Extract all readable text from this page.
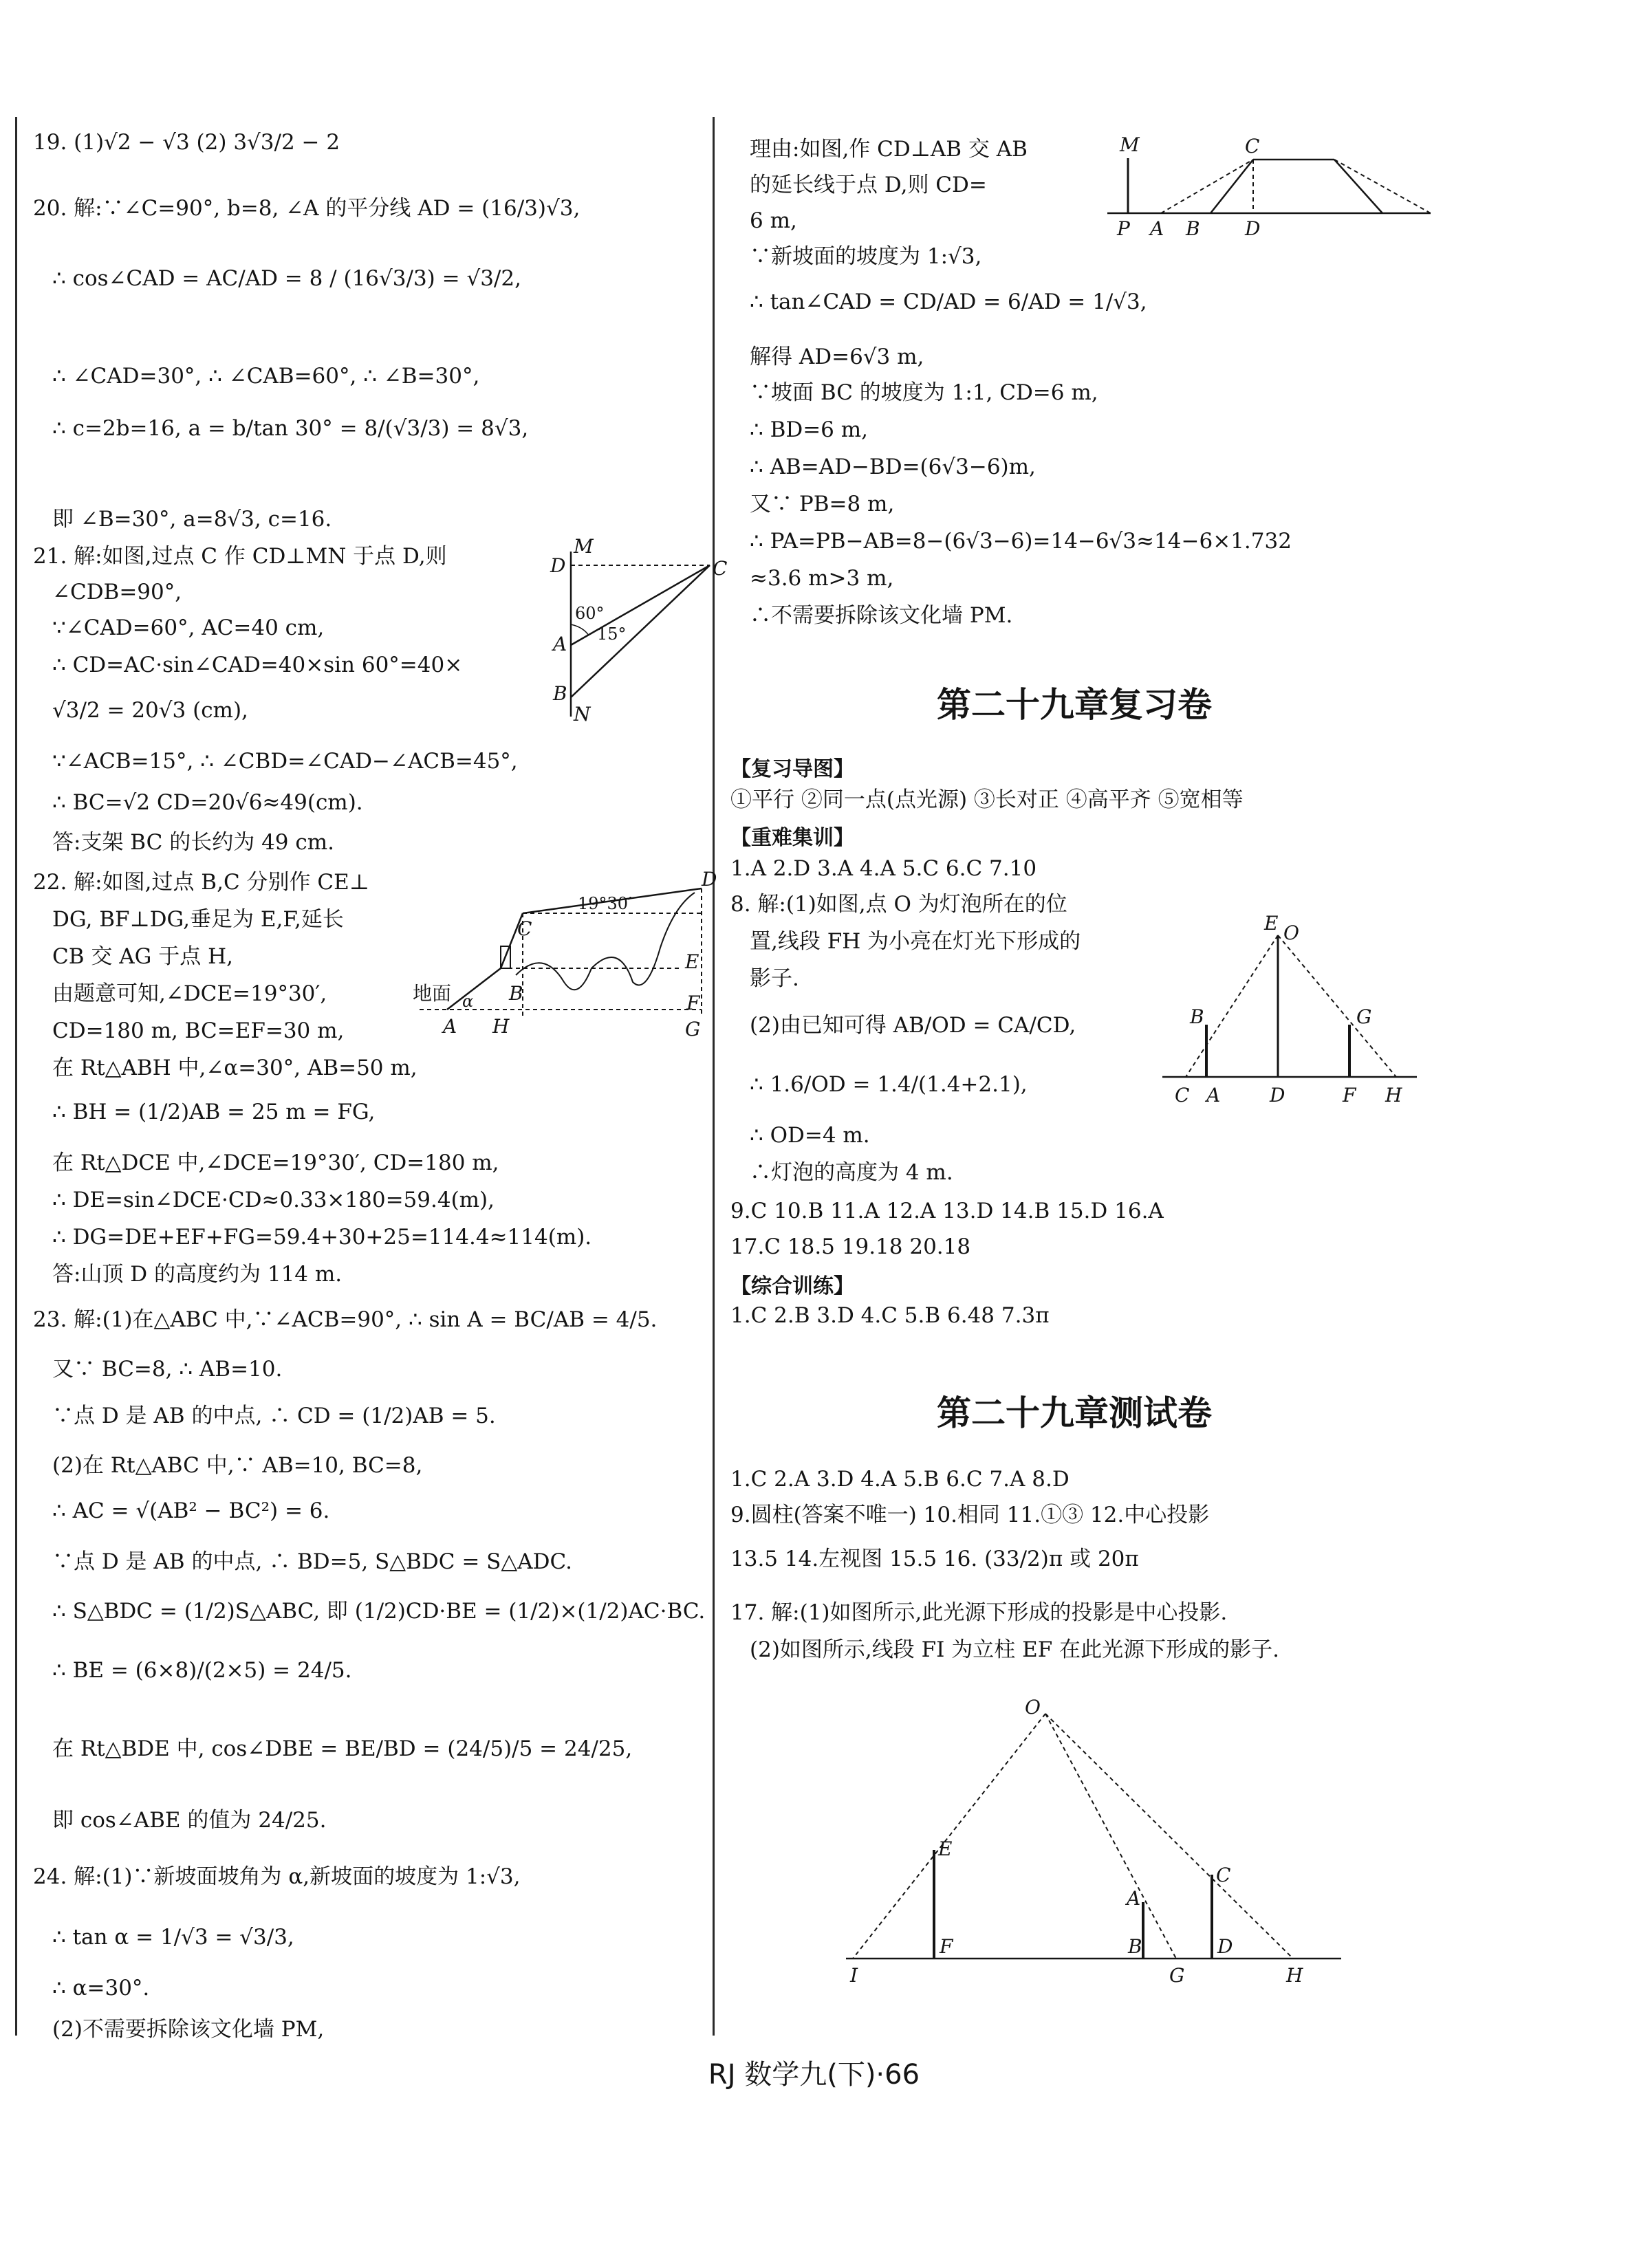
19. (1)√2 − √3 (2) 3√3/2 − 2
20. 解:∵∠C=90°, b=8, ∠A 的平分线 AD = (16/3)√3,
∴ cos∠CAD = AC/AD = 8 / (16√3/3) = √3/2,
∴ ∠CAD=30°, ∴ ∠CAB=60°, ∴ ∠B=30°,
∴ c=2b=16, a = b/tan 30° = 8/(√3/3) = 8√3,
即 ∠B=30°, a=8√3, c=16.
21. 解:如图,过点 C 作 CD⊥MN 于点 D,则
∠CDB=90°,
∵∠CAD=60°, AC=40 cm,
∴ CD=AC·sin∠CAD=40×sin 60°=40×
√3/2 = 20√3 (cm),
∵∠ACB=15°, ∴ ∠CBD=∠CAD−∠ACB=45°,
∴ BC=√2 CD=20√6≈49(cm).
答:支架 BC 的长约为 49 cm.
22. 解:如图,过点 B,C 分别作 CE⊥
DG, BF⊥DG,垂足为 E,F,延长
CB 交 AG 于点 H,
由题意可知,∠DCE=19°30′,
CD=180 m, BC=EF=30 m,
在 Rt△ABH 中,∠α=30°, AB=50 m,
∴ BH = (1/2)AB = 25 m = FG,
在 Rt△DCE 中,∠DCE=19°30′, CD=180 m,
∴ DE=sin∠DCE·CD≈0.33×180=59.4(m),
∴ DG=DE+EF+FG=59.4+30+25=114.4≈114(m).
答:山顶 D 的高度约为 114 m.
23. 解:(1)在△ABC 中,∵∠ACB=90°, ∴ sin A = BC/AB = 4/5.
又∵ BC=8, ∴ AB=10.
∵点 D 是 AB 的中点, ∴ CD = (1/2)AB = 5.
(2)在 Rt△ABC 中,∵ AB=10, BC=8,
∴ AC = √(AB² − BC²) = 6.
∵点 D 是 AB 的中点, ∴ BD=5, S△BDC = S△ADC.
∴ S△BDC = (1/2)S△ABC, 即 (1/2)CD·BE = (1/2)×(1/2)AC·BC.
∴ BE = (6×8)/(2×5) = 24/5.
在 Rt△BDE 中, cos∠DBE = BE/BD = (24/5)/5 = 24/25,
即 cos∠ABE 的值为 24/25.
24. 解:(1)∵新坡面坡角为 α,新坡面的坡度为 1:√3,
∴ tan α = 1/√3 = √3/3,
∴ α=30°.
(2)不需要拆除该文化墙 PM,
D
M
C
A
B
N
60°
15°
D
19°30′
C
E
B
地面 α
A H
F
G
理由:如图,作 CD⊥AB 交 AB
的延长线于点 D,则 CD=
6 m,
∵新坡面的坡度为 1:√3,
∴ tan∠CAD = CD/AD = 6/AD = 1/√3,
解得 AD=6√3 m,
∵坡面 BC 的坡度为 1:1, CD=6 m,
∴ BD=6 m,
∴ AB=AD−BD=(6√3−6)m,
又∵ PB=8 m,
∴ PA=PB−AB=8−(6√3−6)=14−6√3≈14−6×1.732
≈3.6 m>3 m,
∴不需要拆除该文化墙 PM.
第二十九章复习卷
【复习导图】
①平行 ②同一点(点光源) ③长对正 ④高平齐 ⑤宽相等
【重难集训】
1.A 2.D 3.A 4.A 5.C 6.C 7.10
8. 解:(1)如图,点 O 为灯泡所在的位
置,线段 FH 为小亮在灯光下形成的
影子.
(2)由已知可得 AB/OD = CA/CD,
∴ 1.6/OD = 1.4/(1.4+2.1),
∴ OD=4 m.
∴灯泡的高度为 4 m.
9.C 10.B 11.A 12.A 13.D 14.B 15.D 16.A
17.C 18.5 19.18 20.18
【综合训练】
1.C 2.B 3.D 4.C 5.B 6.48 7.3π
第二十九章测试卷
1.C 2.A 3.D 4.A 5.B 6.C 7.A 8.D
9.圆柱(答案不唯一) 10.相同 11.①③ 12.中心投影
13.5 14.左视图 15.5 16. (33/2)π 或 20π
17. 解:(1)如图所示,此光源下形成的投影是中心投影.
(2)如图所示,线段 FI 为立柱 EF 在此光源下形成的影子.
M	C
P A B D
E O
B	G
C A	D	F H
O
E
A
C
F	B	D
I	G	H
RJ 数学九(下)·66
